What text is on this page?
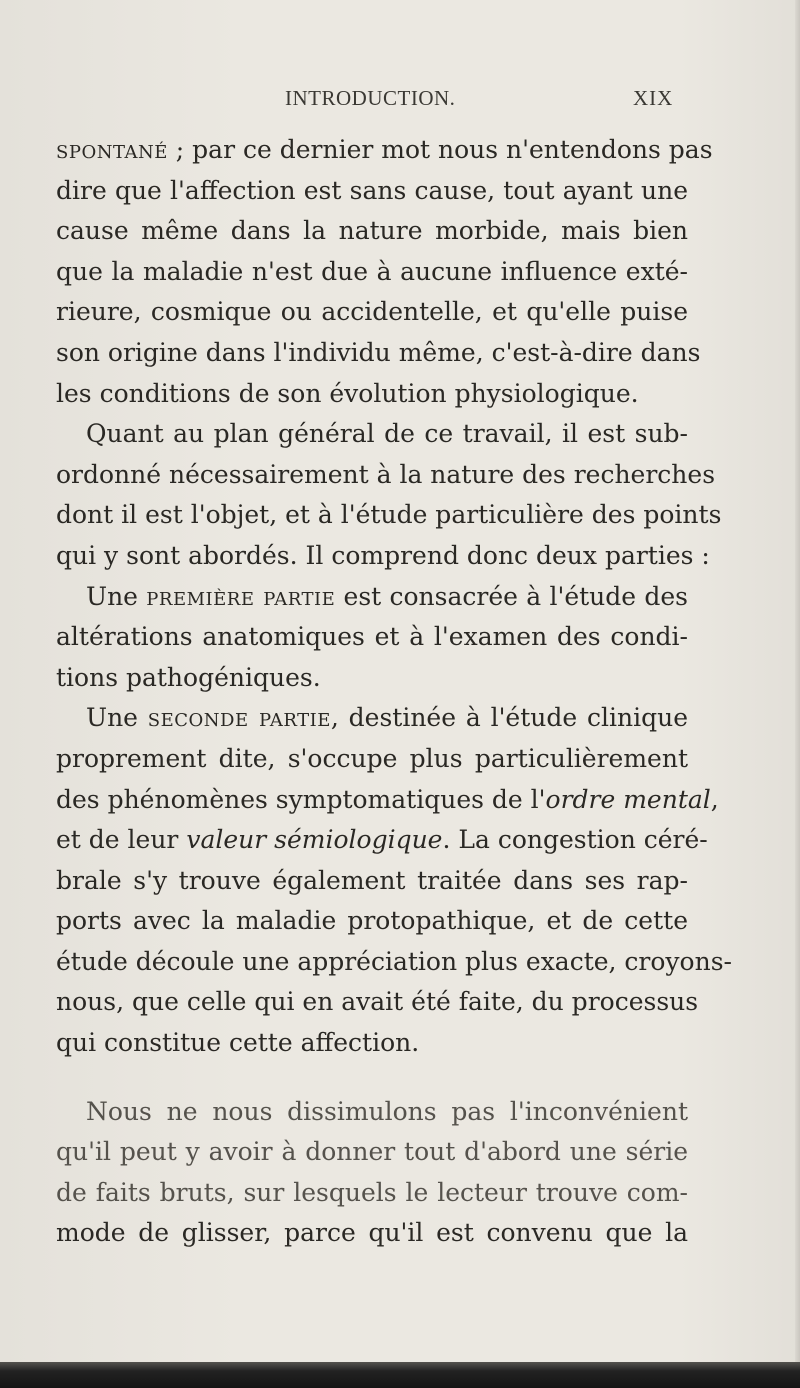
INTRODUCTION.	XIX
spontané ; par ce dernier mot nous n'entendons pas
dire que l'affection est sans cause, tout ayant une
cause même dans la nature morbide, mais bien
que la maladie n'est due à aucune influence exté-
rieure, cosmique ou accidentelle, et qu'elle puise
son origine dans l'individu même, c'est-à-dire dans
les conditions de son évolution physiologique.
Quant au plan général de ce travail, il est sub-
ordonné nécessairement à la nature des recherches
dont il est l'objet, et à l'étude particulière des points
qui y sont abordés. Il comprend donc deux parties :
Une première partie est consacrée à l'étude des
altérations anatomiques et à l'examen des condi-
tions pathogéniques.
Une seconde partie, destinée à l'étude clinique
proprement dite, s'occupe plus particulièrement
des phénomènes symptomatiques de l'ordre mental,
et de leur valeur sémiologique. La congestion céré-
brale s'y trouve également traitée dans ses rap-
ports avec la maladie protopathique, et de cette
étude découle une appréciation plus exacte, croyons-
nous, que celle qui en avait été faite, du processus
qui constitue cette affection.
Nous ne nous dissimulons pas l'inconvénient
qu'il peut y avoir à donner tout d'abord une série
de faits bruts, sur lesquels le lecteur trouve com-
mode de glisser, parce qu'il est convenu que la
